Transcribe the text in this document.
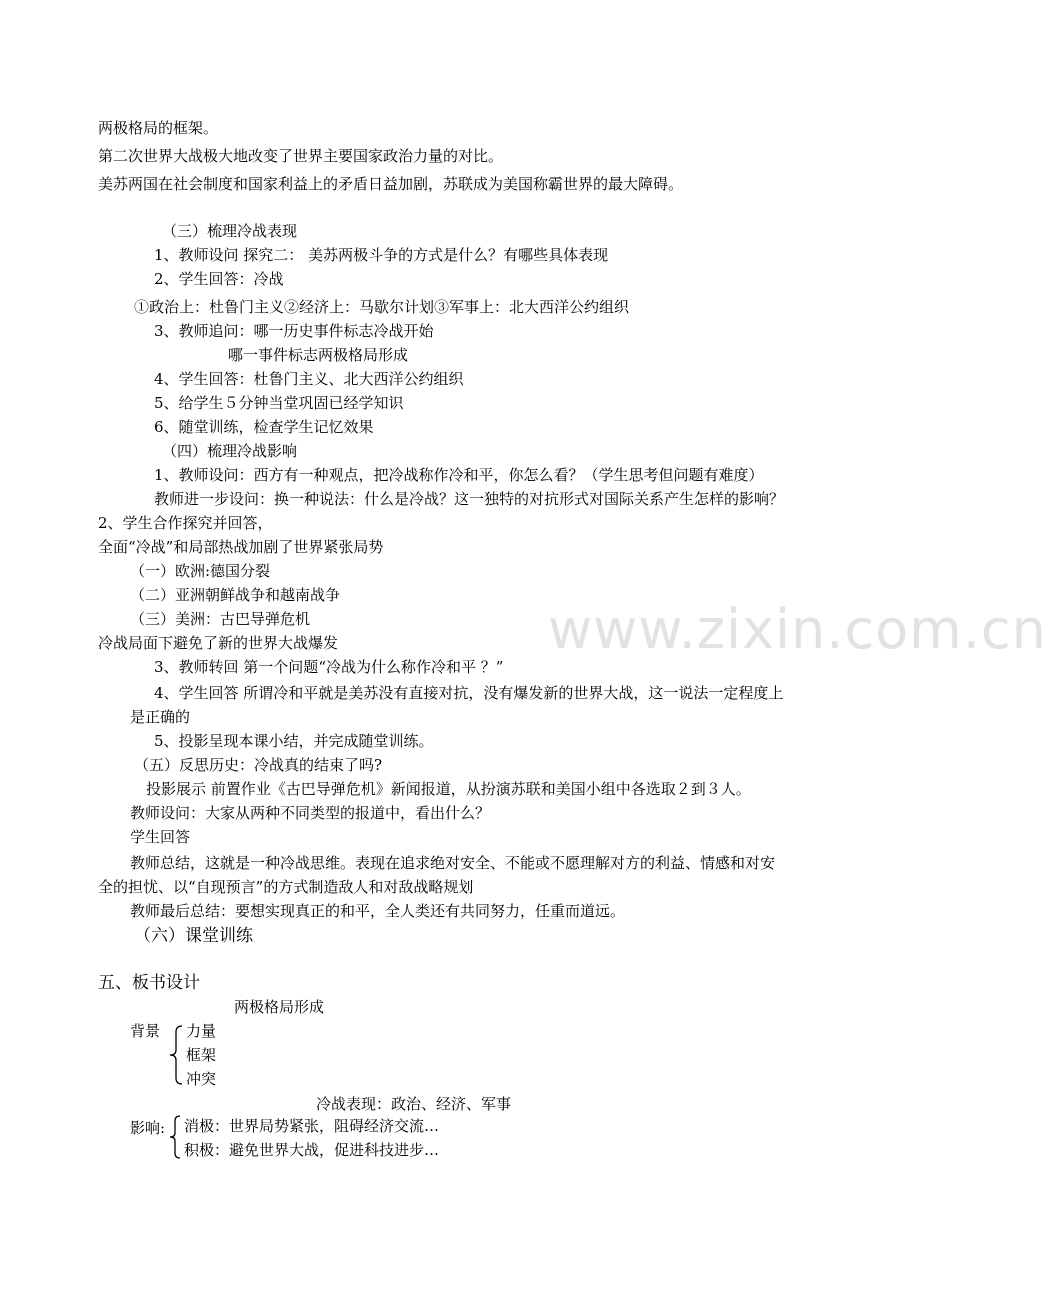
两极格局的框架。
第二次世界大战极大地改变了世界主要国家政治力量的对比。
美苏两国在社会制度和国家利益上的矛盾日益加剧，苏联成为美国称霸世界的最大障碍。
（三）梳理冷战表现
1、教师设问 探究二： 美苏两极斗争的方式是什么？有哪些具体表现
2、学生回答：冷战
①政治上：杜鲁门主义②经济上：马歇尔计划③军事上：北大西洋公约组织
3、教师追问：哪一历史事件标志冷战开始
哪一事件标志两极格局形成
4、学生回答：杜鲁门主义、北大西洋公约组织
5、给学生５分钟当堂巩固已经学知识
6、随堂训练，检查学生记忆效果
（四）梳理冷战影响
1、教师设问：西方有一种观点，把冷战称作冷和平，你怎么看？（学生思考但问题有难度）
教师进一步设问：换一种说法：什么是冷战？这一独特的对抗形式对国际关系产生怎样的影响？
2、学生合作探究并回答，
全面“冷战”和局部热战加剧了世界紧张局势
（一）欧洲:德国分裂
（二）亚洲朝鲜战争和越南战争
（三）美洲：古巴导弹危机
冷战局面下避免了新的世界大战爆发
3、教师转回 第一个问题“冷战为什么称作冷和平 ？”
4、学生回答 所谓冷和平就是美苏没有直接对抗，没有爆发新的世界大战，这一说法一定程度上
是正确的
5、投影呈现本课小结，并完成随堂训练。
www.zixin.com.cn
（五）反思历史：冷战真的结束了吗?
投影展示 前置作业《古巴导弹危机》新闻报道，从扮演苏联和美国小组中各选取２到３人。
教师设问：大家从两种不同类型的报道中，看出什么？
学生回答
教师总结，这就是一种冷战思维。表现在追求绝对安全、不能或不愿理解对方的利益、情感和对安
全的担忧、以“自现预言”的方式制造敌人和对敌战略规划
教师最后总结：要想实现真正的和平，全人类还有共同努力，任重而道远。
（六）课堂训练
五、板书设计
两极格局形成
背景 力量
框架
冲突
冷战表现：政治、经济、军事
影响: 消极：世界局势紧张，阻碍经济交流…
积极：避免世界大战，促进科技进步…
